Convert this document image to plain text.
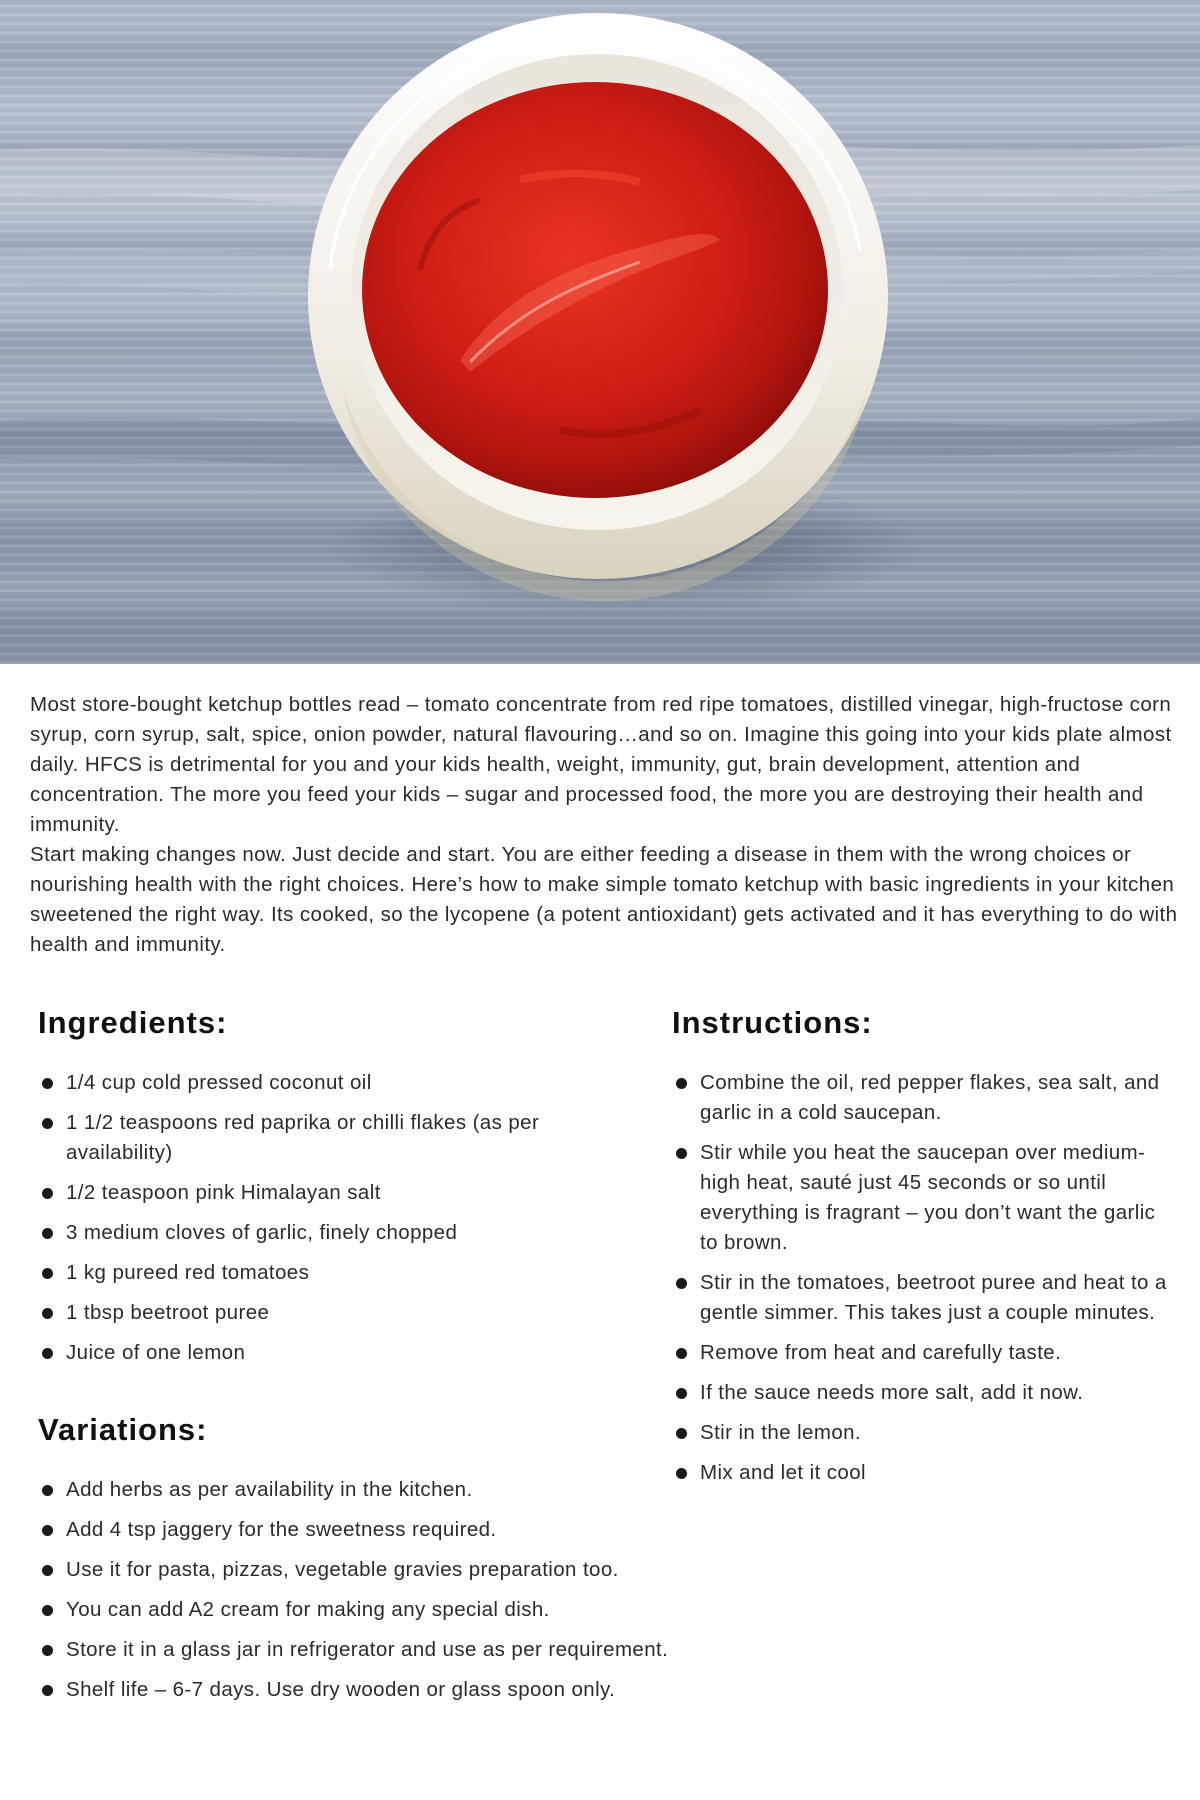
Most store-bought ketchup bottles read – tomato concentrate from red ripe tomatoes, distilled vinegar, high-fructose corn syrup, corn syrup, salt, spice, onion powder, natural flavouring…and so on. Imagine this going into your kids plate almost daily. HFCS is detrimental for you and your kids health, weight, immunity, gut, brain development, attention and concentration. The more you feed your kids – sugar and processed food, the more you are destroying their health and immunity.

Start making changes now. Just decide and start. You are either feeding a disease in them with the wrong choices or nourishing health with the right choices. Here’s how to make simple tomato ketchup with basic ingredients in your kitchen sweetened the right way. Its cooked, so the lycopene (a potent antioxidant) gets activated and it has everything to do with health and immunity.

Ingredients:
1/4 cup cold pressed coconut oil
1 1/2 teaspoons red paprika or chilli flakes (as per availability)
1/2 teaspoon pink Himalayan salt
3 medium cloves of garlic, finely chopped
1 kg pureed red tomatoes
1 tbsp beetroot puree
Juice of one lemon
Instructions:
Combine the oil, red pepper flakes, sea salt, and garlic in a cold saucepan.
Stir while you heat the saucepan over medium-high heat, sauté just 45 seconds or so until everything is fragrant – you don’t want the garlic to brown.
Stir in the tomatoes, beetroot puree and heat to a gentle simmer. This takes just a couple minutes.
Remove from heat and carefully taste.
If the sauce needs more salt, add it now.
Stir in the lemon.
Mix and let it cool
Variations:
Add herbs as per availability in the kitchen.
Add 4 tsp jaggery for the sweetness required.
Use it for pasta, pizzas, vegetable gravies preparation too.
You can add A2 cream for making any special dish.
Store it in a glass jar in refrigerator and use as per requirement.
Shelf life – 6-7 days. Use dry wooden or glass spoon only.
